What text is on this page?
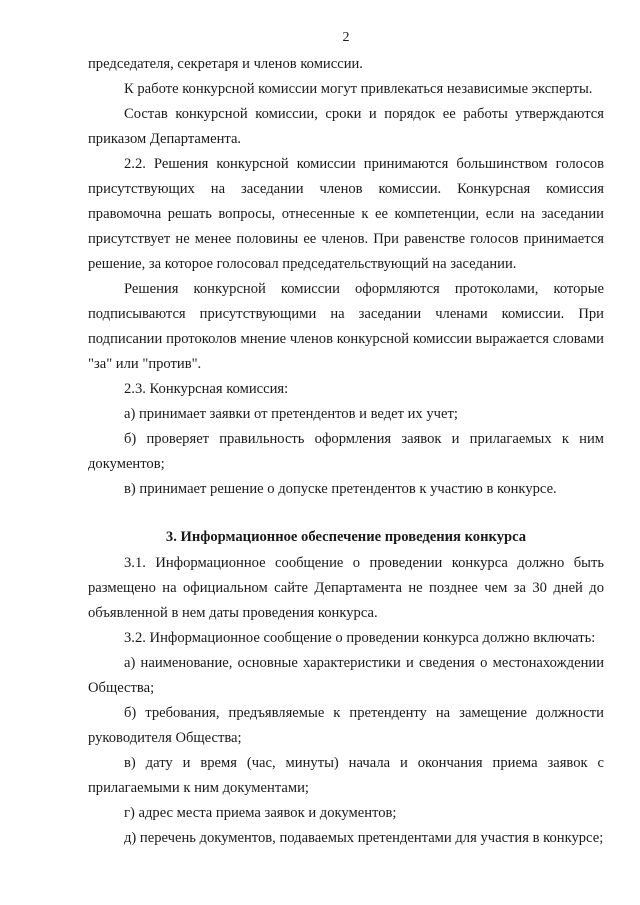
2

председателя, секретаря и членов комиссии.

К работе конкурсной комиссии могут привлекаться независимые эксперты.

Состав конкурсной комиссии, сроки и порядок ее работы утверждаются приказом Департамента.

2.2. Решения конкурсной комиссии принимаются большинством голосов присутствующих на заседании членов комиссии. Конкурсная комиссия правомочна решать вопросы, отнесенные к ее компетенции, если на заседании присутствует не менее половины ее членов. При равенстве голосов принимается решение, за которое голосовал председательствующий на заседании.

Решения конкурсной комиссии оформляются протоколами, которые подписываются присутствующими на заседании членами комиссии. При подписании протоколов мнение членов конкурсной комиссии выражается словами "за" или "против".

2.3. Конкурсная комиссия:

а) принимает заявки от претендентов и ведет их учет;

б) проверяет правильность оформления заявок и прилагаемых к ним документов;

в) принимает решение о допуске претендентов к участию в конкурсе.

3. Информационное обеспечение проведения конкурса

3.1. Информационное сообщение о проведении конкурса должно быть размещено на официальном сайте Департамента не позднее чем за 30 дней до объявленной в нем даты проведения конкурса.

3.2. Информационное сообщение о проведении конкурса должно включать:

а) наименование, основные характеристики и сведения о местонахождении Общества;

б) требования, предъявляемые к претенденту на замещение должности руководителя Общества;

в) дату и время (час, минуты) начала и окончания приема заявок с прилагаемыми к ним документами;

г) адрес места приема заявок и документов;

д) перечень документов, подаваемых претендентами для участия в конкурсе;
